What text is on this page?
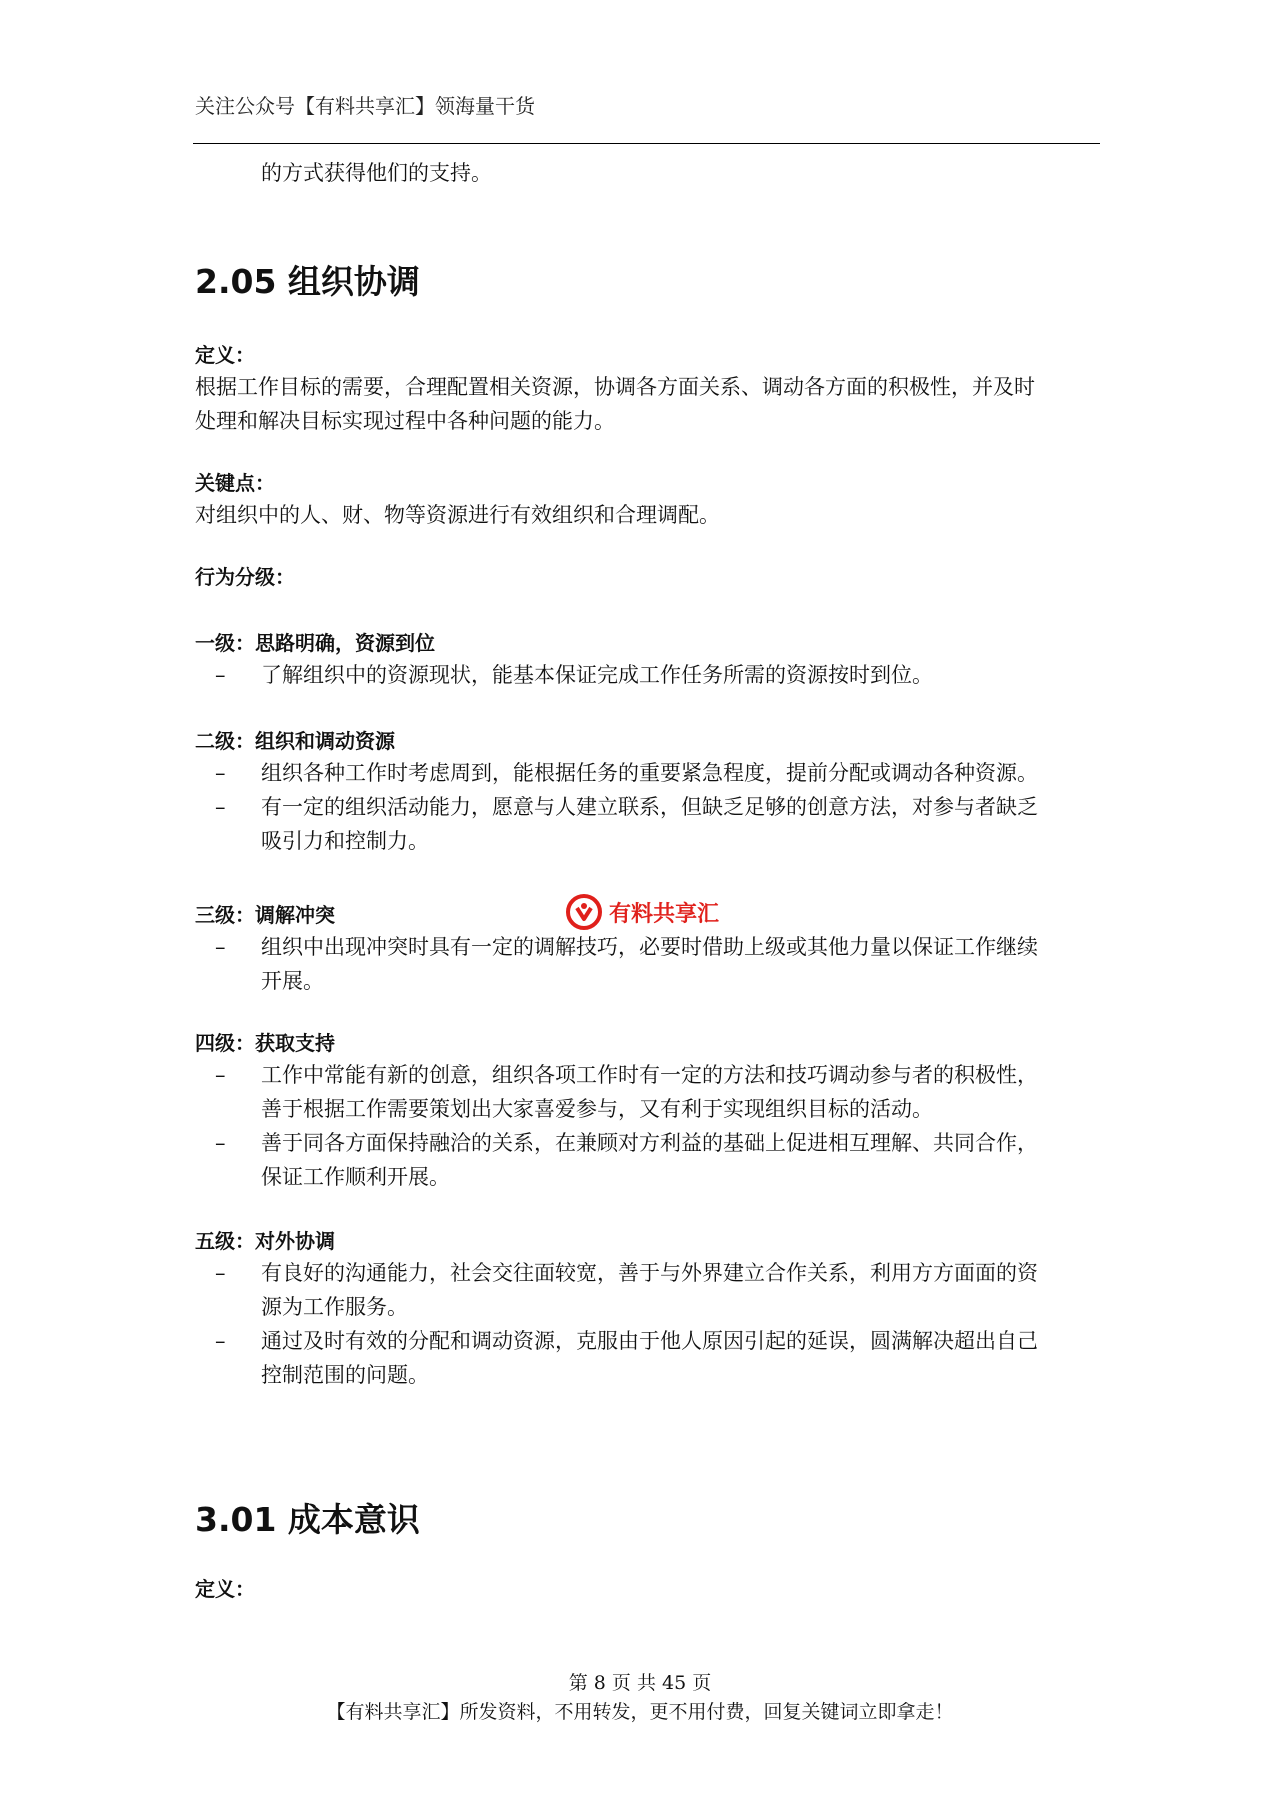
关注公众号【有料共享汇】领海量干货

的方式获得他们的支持。

2.05 组织协调

定义：

根据工作目标的需要，合理配置相关资源，协调各方面关系、调动各方面的积极性，并及时

处理和解决目标实现过程中各种问题的能力。

关键点：

对组织中的人、财、物等资源进行有效组织和合理调配。

行为分级：

一级：思路明确，资源到位

– 了解组织中的资源现状，能基本保证完成工作任务所需的资源按时到位。

二级：组织和调动资源

– 组织各种工作时考虑周到，能根据任务的重要紧急程度，提前分配或调动各种资源。
– 有一定的组织活动能力，愿意与人建立联系，但缺乏足够的创意方法，对参与者缺乏
吸引力和控制力。

三级：调解冲突

– 组织中出现冲突时具有一定的调解技巧，必要时借助上级或其他力量以保证工作继续
开展。

四级：获取支持

– 工作中常能有新的创意，组织各项工作时有一定的方法和技巧调动参与者的积极性，
善于根据工作需要策划出大家喜爱参与，又有利于实现组织目标的活动。
– 善于同各方面保持融洽的关系，在兼顾对方利益的基础上促进相互理解、共同合作，
保证工作顺利开展。

五级：对外协调

– 有良好的沟通能力，社会交往面较宽，善于与外界建立合作关系，利用方方面面的资
源为工作服务。
– 通过及时有效的分配和调动资源，克服由于他人原因引起的延误，圆满解决超出自己
控制范围的问题。
3.01 成本意识

定义：

有料共享汇
第 8 页 共 45 页
【有料共享汇】所发资料，不用转发，更不用付费，回复关键词立即拿走！
